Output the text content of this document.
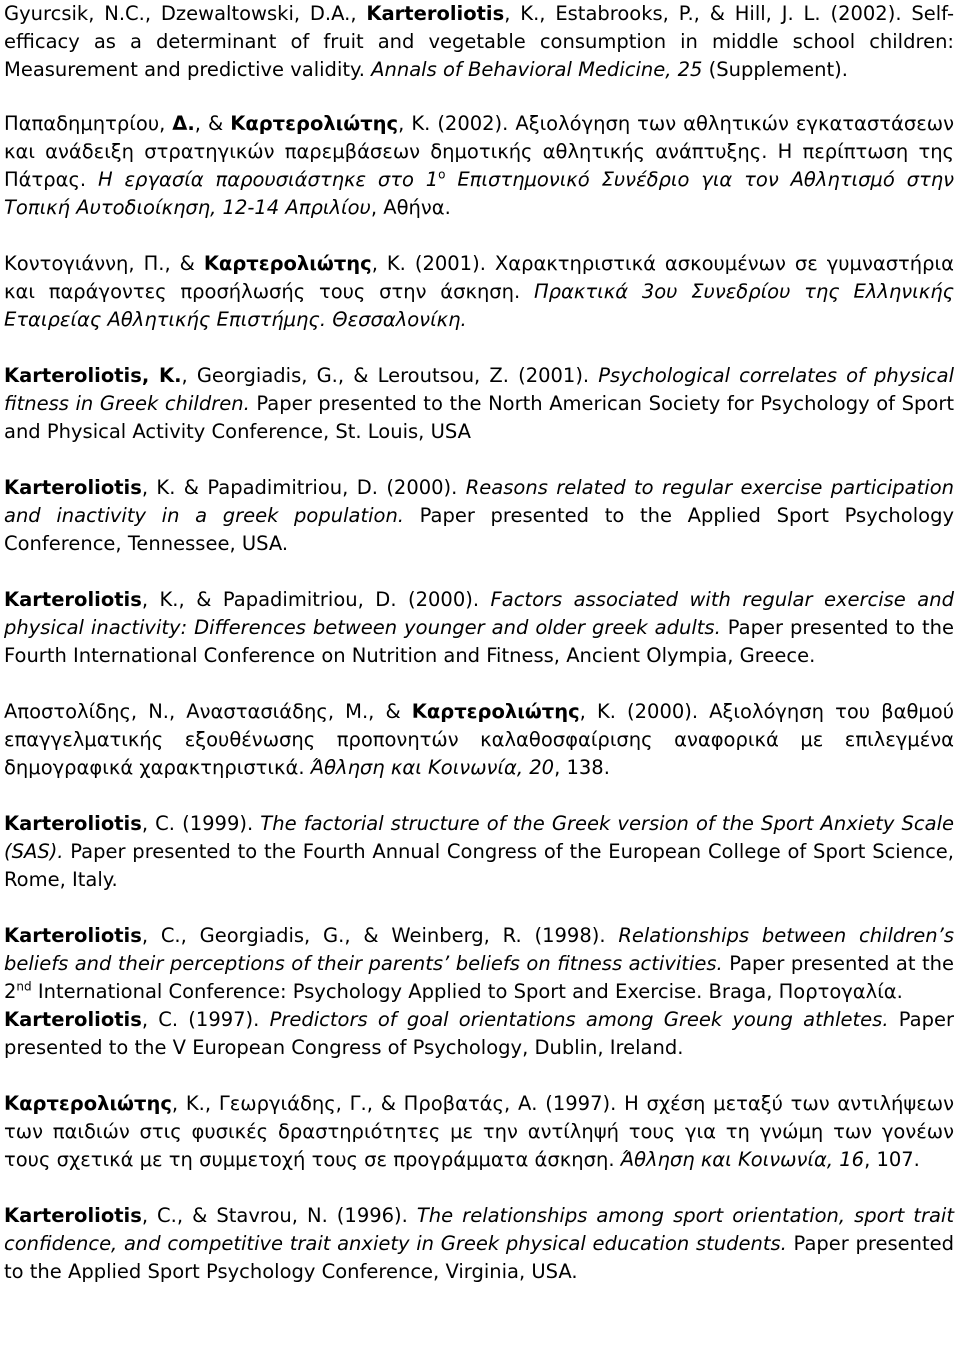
Gyurcsik, N.C., Dzewaltowski, D.A., Karteroliotis, K., Estabrooks, P., & Hill, J. L. (2002). Self-efficacy as a determinant of fruit and vegetable consumption in middle school children: Measurement and predictive validity. Annals of Behavioral Medicine, 25 (Supplement).

Παπαδημητρίου, Δ., & Καρτερολιώτης, Κ. (2002). Αξιολόγηση των αθλητικών εγκαταστάσεων και ανάδειξη στρατηγικών παρεμβάσεων δημοτικής αθλητικής ανάπτυξης. Η περίπτωση της Πάτρας. Η εργασία παρουσιάστηκε στο $1^o$ Επιστημονικό Συνέδριο για τον Αθλητισμό στην Τοπική Αυτοδιοίκηση, 12-14 Απριλίου, Αθήνα.

Κοντογιάννη, Π., & Καρτερολιώτης, Κ. (2001). Χαρακτηριστικά ασκουμένων σε γυμναστήρια και παράγοντες προσήλωσής τους στην άσκηση. Πρακτικά 3ου Συνεδρίου της Ελληνικής Εταιρείας Αθλητικής Επιστήμης. Θεσσαλονίκη.

Karteroliotis, K., Georgiadis, G., & Leroutsou, Z. (2001). Psychological correlates of physical fitness in Greek children. Paper presented to the North American Society for Psychology of Sport and Physical Activity Conference, St. Louis, USA

Karteroliotis, K. & Papadimitriou, D. (2000). Reasons related to regular exercise participation and inactivity in a greek population. Paper presented to the Applied Sport Psychology Conference, Tennessee, USA.

Karteroliotis, K., & Papadimitriou, D. (2000). Factors associated with regular exercise and physical inactivity: Differences between younger and older greek adults. Paper presented to the Fourth International Conference on Nutrition and Fitness, Ancient Olympia, Greece.

Αποστολίδης, Ν., Αναστασιάδης, Μ., & Καρτερολιώτης, Κ. (2000). Αξιολόγηση του βαθμού επαγγελματικής εξουθένωσης προπονητών καλαθοσφαίρισης αναφορικά με επιλεγμένα δημογραφικά χαρακτηριστικά. Άθληση και Κοινωνία, 20, 138.

Karteroliotis, C. (1999). The factorial structure of the Greek version of the Sport Anxiety Scale (SAS). Paper presented to the Fourth Annual Congress of the European College of Sport Science, Rome, Italy.

Karteroliotis, C., Georgiadis, G., & Weinberg, R. (1998). Relationships between children’s beliefs and their perceptions of their parents’ beliefs on fitness activities. Paper presented at the 2nd International Conference: Psychology Applied to Sport and Exercise. Braga, Πορτογαλία.

Karteroliotis, C. (1997). Predictors of goal orientations among Greek young athletes. Paper presented to the V European Congress of Psychology, Dublin, Ireland.

Καρτερολιώτης, Κ., Γεωργιάδης, Γ., & Προβατάς, Α. (1997). Η σχέση μεταξύ των αντιλήψεων των παιδιών στις φυσικές δραστηριότητες με την αντίληψή τους για τη γνώμη των γονέων τους σχετικά με τη συμμετοχή τους σε προγράμματα άσκηση. Άθληση και Κοινωνία, 16, 107.

Karteroliotis, C., & Stavrou, N. (1996). The relationships among sport orientation, sport trait confidence, and competitive trait anxiety in Greek physical education students. Paper presented to the Applied Sport Psychology Conference, Virginia, USA.
